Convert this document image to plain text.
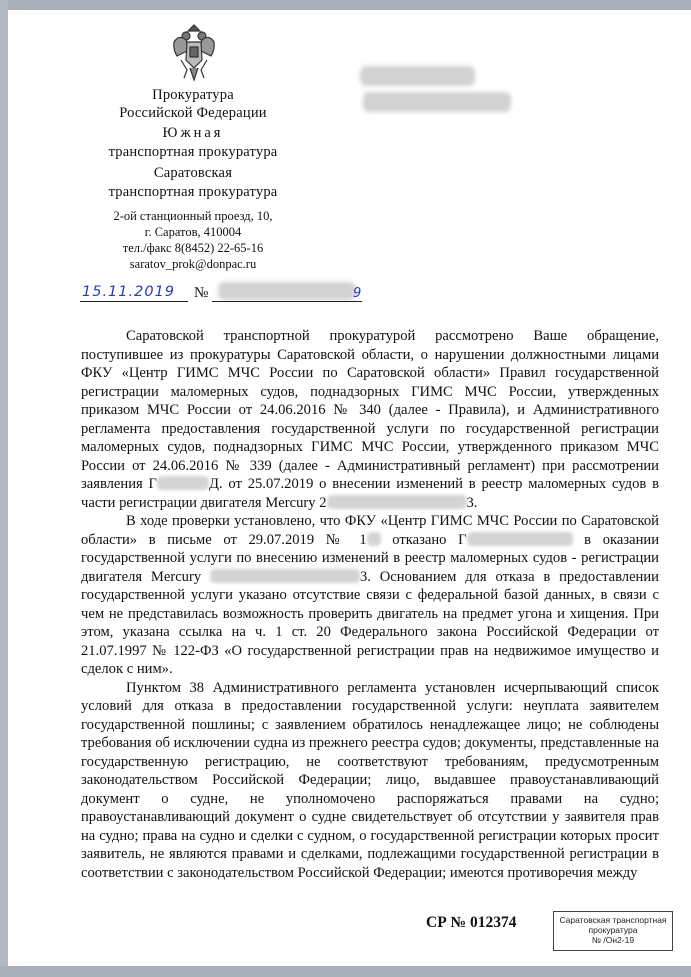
Прокуратура
Российской Федерации
Южная
транспортная прокуратура
Саратовская
транспортная прокуратура
2-ой станционный проезд, 10,
г. Саратов, 410004
тел./факс 8(8452) 22-65-16
saratov_prok@donpac.ru
15.11.2019	№	9

Саратовской транспортной прокуратурой рассмотрено Ваше обращение, поступившее из прокуратуры Саратовской области, о нарушении должностными лицами ФКУ «Центр ГИМС МЧС России по Саратовской области» Правил государственной регистрации маломерных судов, поднадзорных ГИМС МЧС России, утвержденных приказом МЧС России от 24.06.2016 № 340 (далее - Правила), и Административного регламента предоставления государственной услуги по государственной регистрации маломерных судов, поднадзорных ГИМС МЧС России, утвержденного приказом МЧС России от 24.06.2016 № 339 (далее - Административный регламент) при рассмотрении заявления Г	Д. от 25.07.2019 о внесении изменений в реестр маломерных судов в части регистрации двигателя Mercury 2	3.

В ходе проверки установлено, что ФКУ «Центр ГИМС МЧС России по Саратовской области» в письме от 29.07.2019 № 1 отказано Г	в оказании государственной услуги по внесению изменений в реестр маломерных судов - регистрации двигателя Mercury	3. Основанием для отказа в предоставлении государственной услуги указано отсутствие связи с федеральной базой данных, в связи с чем не представилась возможность проверить двигатель на предмет угона и хищения. При этом, указана ссылка на ч. 1 ст. 20 Федерального закона Российской Федерации от 21.07.1997 № 122-ФЗ «О государственной регистрации прав на недвижимое имущество и сделок с ним».

Пунктом 38 Административного регламента установлен исчерпывающий список условий для отказа в предоставлении государственной услуги: неуплата заявителем государственной пошлины; с заявлением обратилось ненадлежащее лицо; не соблюдены требования об исключении судна из прежнего реестра судов; документы, представленные на государственную регистрацию, не соответствуют требованиям, предусмотренным законодательством Российской Федерации; лицо, выдавшее правоустанавливающий документ о судне, не уполномочено распоряжаться правами на судно; правоустанавливающий документ о судне свидетельствует об отсутствии у заявителя прав на судно; права на судно и сделки с судном, о государственной регистрации которых просит заявитель, не являются правами и сделками, подлежащими государственной регистрации в соответствии с законодательством Российской Федерации; имеются противоречия между

СР № 012374	Саратовская транспортная
прокуратура
№ /Он2-19
